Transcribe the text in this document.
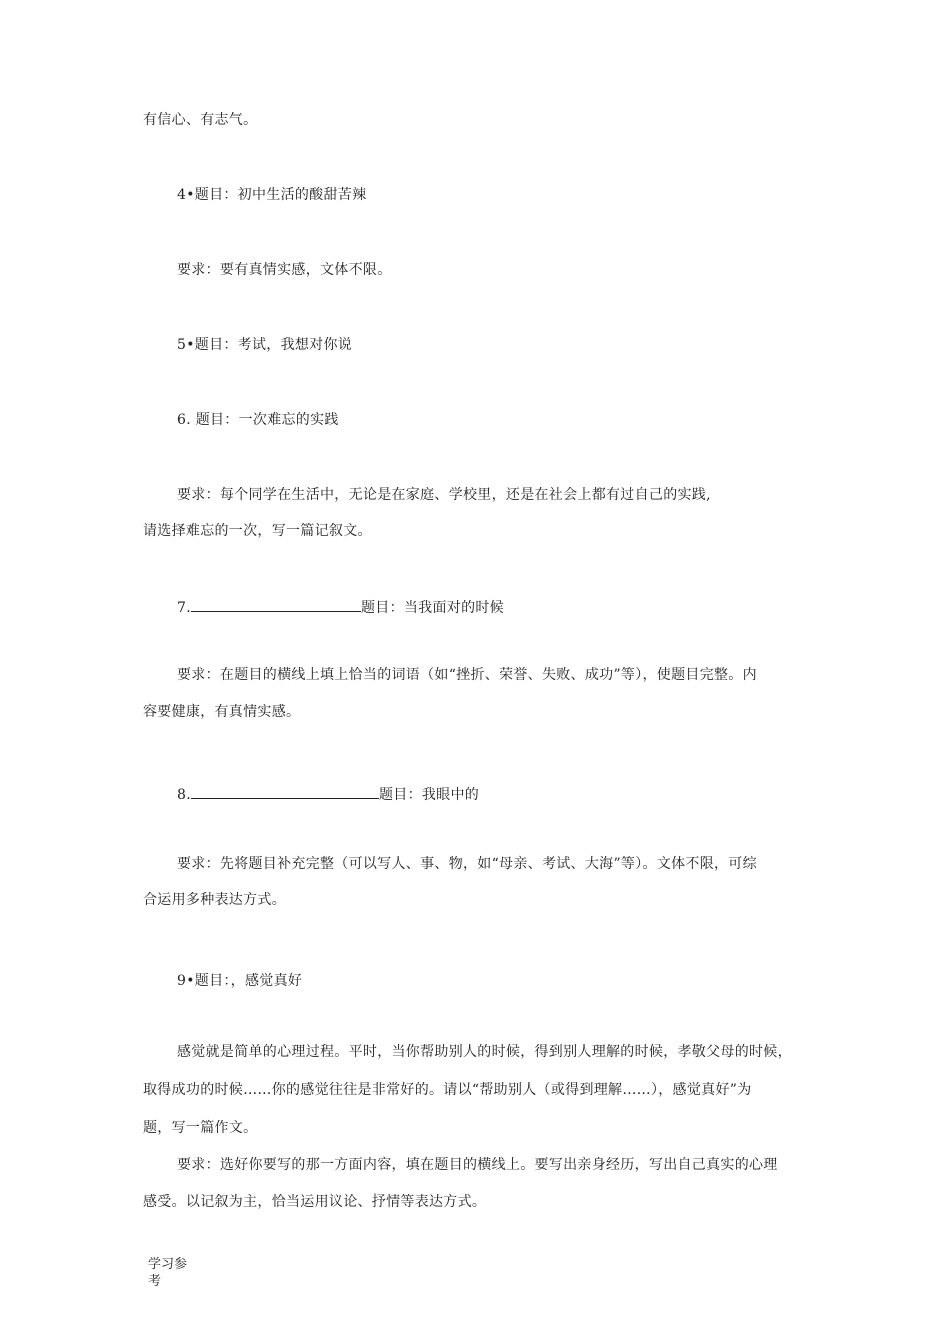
有信心、有志气。
4•题目：初中生活的酸甜苦辣
要求：要有真情实感，文体不限。
5•题目：考试，我想对你说
6. 题目：一次难忘的实践
要求：每个同学在生活中，无论是在家庭、学校里，还是在社会上都有过自己的实践,
请选择难忘的一次，写一篇记叙文。
7.	题目：当我面对的时候
要求：在题目的横线上填上恰当的词语（如“挫折、荣誉、失败、成功”等），使题目完整。内
容要健康，有真情实感。
8.	题目：我眼中的
要求：先将题目补充完整（可以写人、事、物，如“母亲、考试、大海”等）。文体不限，可综
合运用多种表达方式。
9•题目：，感觉真好
感觉就是简单的心理过程。平时，当你帮助别人的时候，得到别人理解的时候，孝敬父母的时候，
取得成功的时候……你的感觉往往是非常好的。请以“帮助别人（或得到理解……），感觉真好”为
题，写一篇作文。
要求：选好你要写的那一方面内容，填在题目的横线上。要写出亲身经历，写出自己真实的心理
感受。以记叙为主，恰当运用议论、抒情等表达方式。
学习参考
